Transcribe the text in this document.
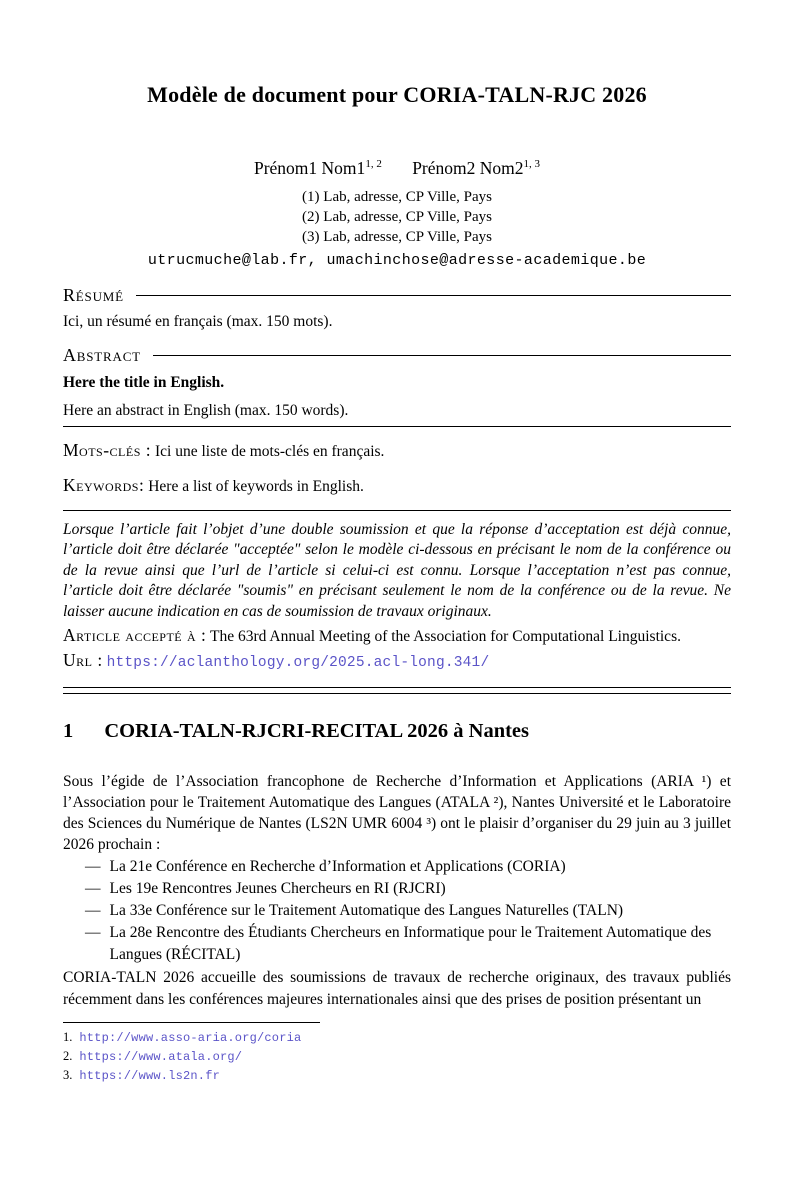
Modèle de document pour CORIA-TALN-RJC 2026
Prénom1 Nom1$^{1, 2}$ Prénom2 Nom2$^{1, 3}$
(1) Lab, adresse, CP Ville, Pays
(2) Lab, adresse, CP Ville, Pays
(3) Lab, adresse, CP Ville, Pays
utrucmuche@lab.fr, umachinchose@adresse-academique.be
Résumé

Ici, un résumé en français (max. 150 mots).

Abstract

Here the title in English.

Here an abstract in English (max. 150 words).

Mots-clés : Ici une liste de mots-clés en français.

Keywords: Here a list of keywords in English.

Lorsque l’article fait l’objet d’une double soumission et que la réponse d’acceptation est déjà connue, l’article doit être déclarée "acceptée" selon le modèle ci-dessous en précisant le nom de la conférence ou de la revue ainsi que l’url de l’article si celui-ci est connu. Lorsque l’acceptation n’est pas connue, l’article doit être déclarée "soumis" en précisant seulement le nom de la conférence ou de la revue. Ne laisser aucune indication en cas de soumission de travaux originaux.

Article accepté à : The 63rd Annual Meeting of the Association for Computational Linguistics.

Url : https://aclanthology.org/2025.acl-long.341/

1 CORIA-TALN-RJCRI-RECITAL 2026 à Nantes

Sous l’égide de l’Association francophone de Recherche d’Information et Applications (ARIA ¹) et l’Association pour le Traitement Automatique des Langues (ATALA ²), Nantes Université et le Laboratoire des Sciences du Numérique de Nantes (LS2N UMR 6004 ³) ont le plaisir d’organiser du 29 juin au 3 juillet 2026 prochain :

— La 21e Conférence en Recherche d’Information et Applications (CORIA)
— Les 19e Rencontres Jeunes Chercheurs en RI (RJCRI)
— La 33e Conférence sur le Traitement Automatique des Langues Naturelles (TALN)
— La 28e Rencontre des Étudiants Chercheurs en Informatique pour le Traitement Automatique des Langues (RÉCITAL)

CORIA-TALN 2026 accueille des soumissions de travaux de recherche originaux, des travaux publiés récemment dans les conférences majeures internationales ainsi que des prises de position présentant un

1. http://www.asso-aria.org/coria
2. https://www.atala.org/
3. https://www.ls2n.fr
